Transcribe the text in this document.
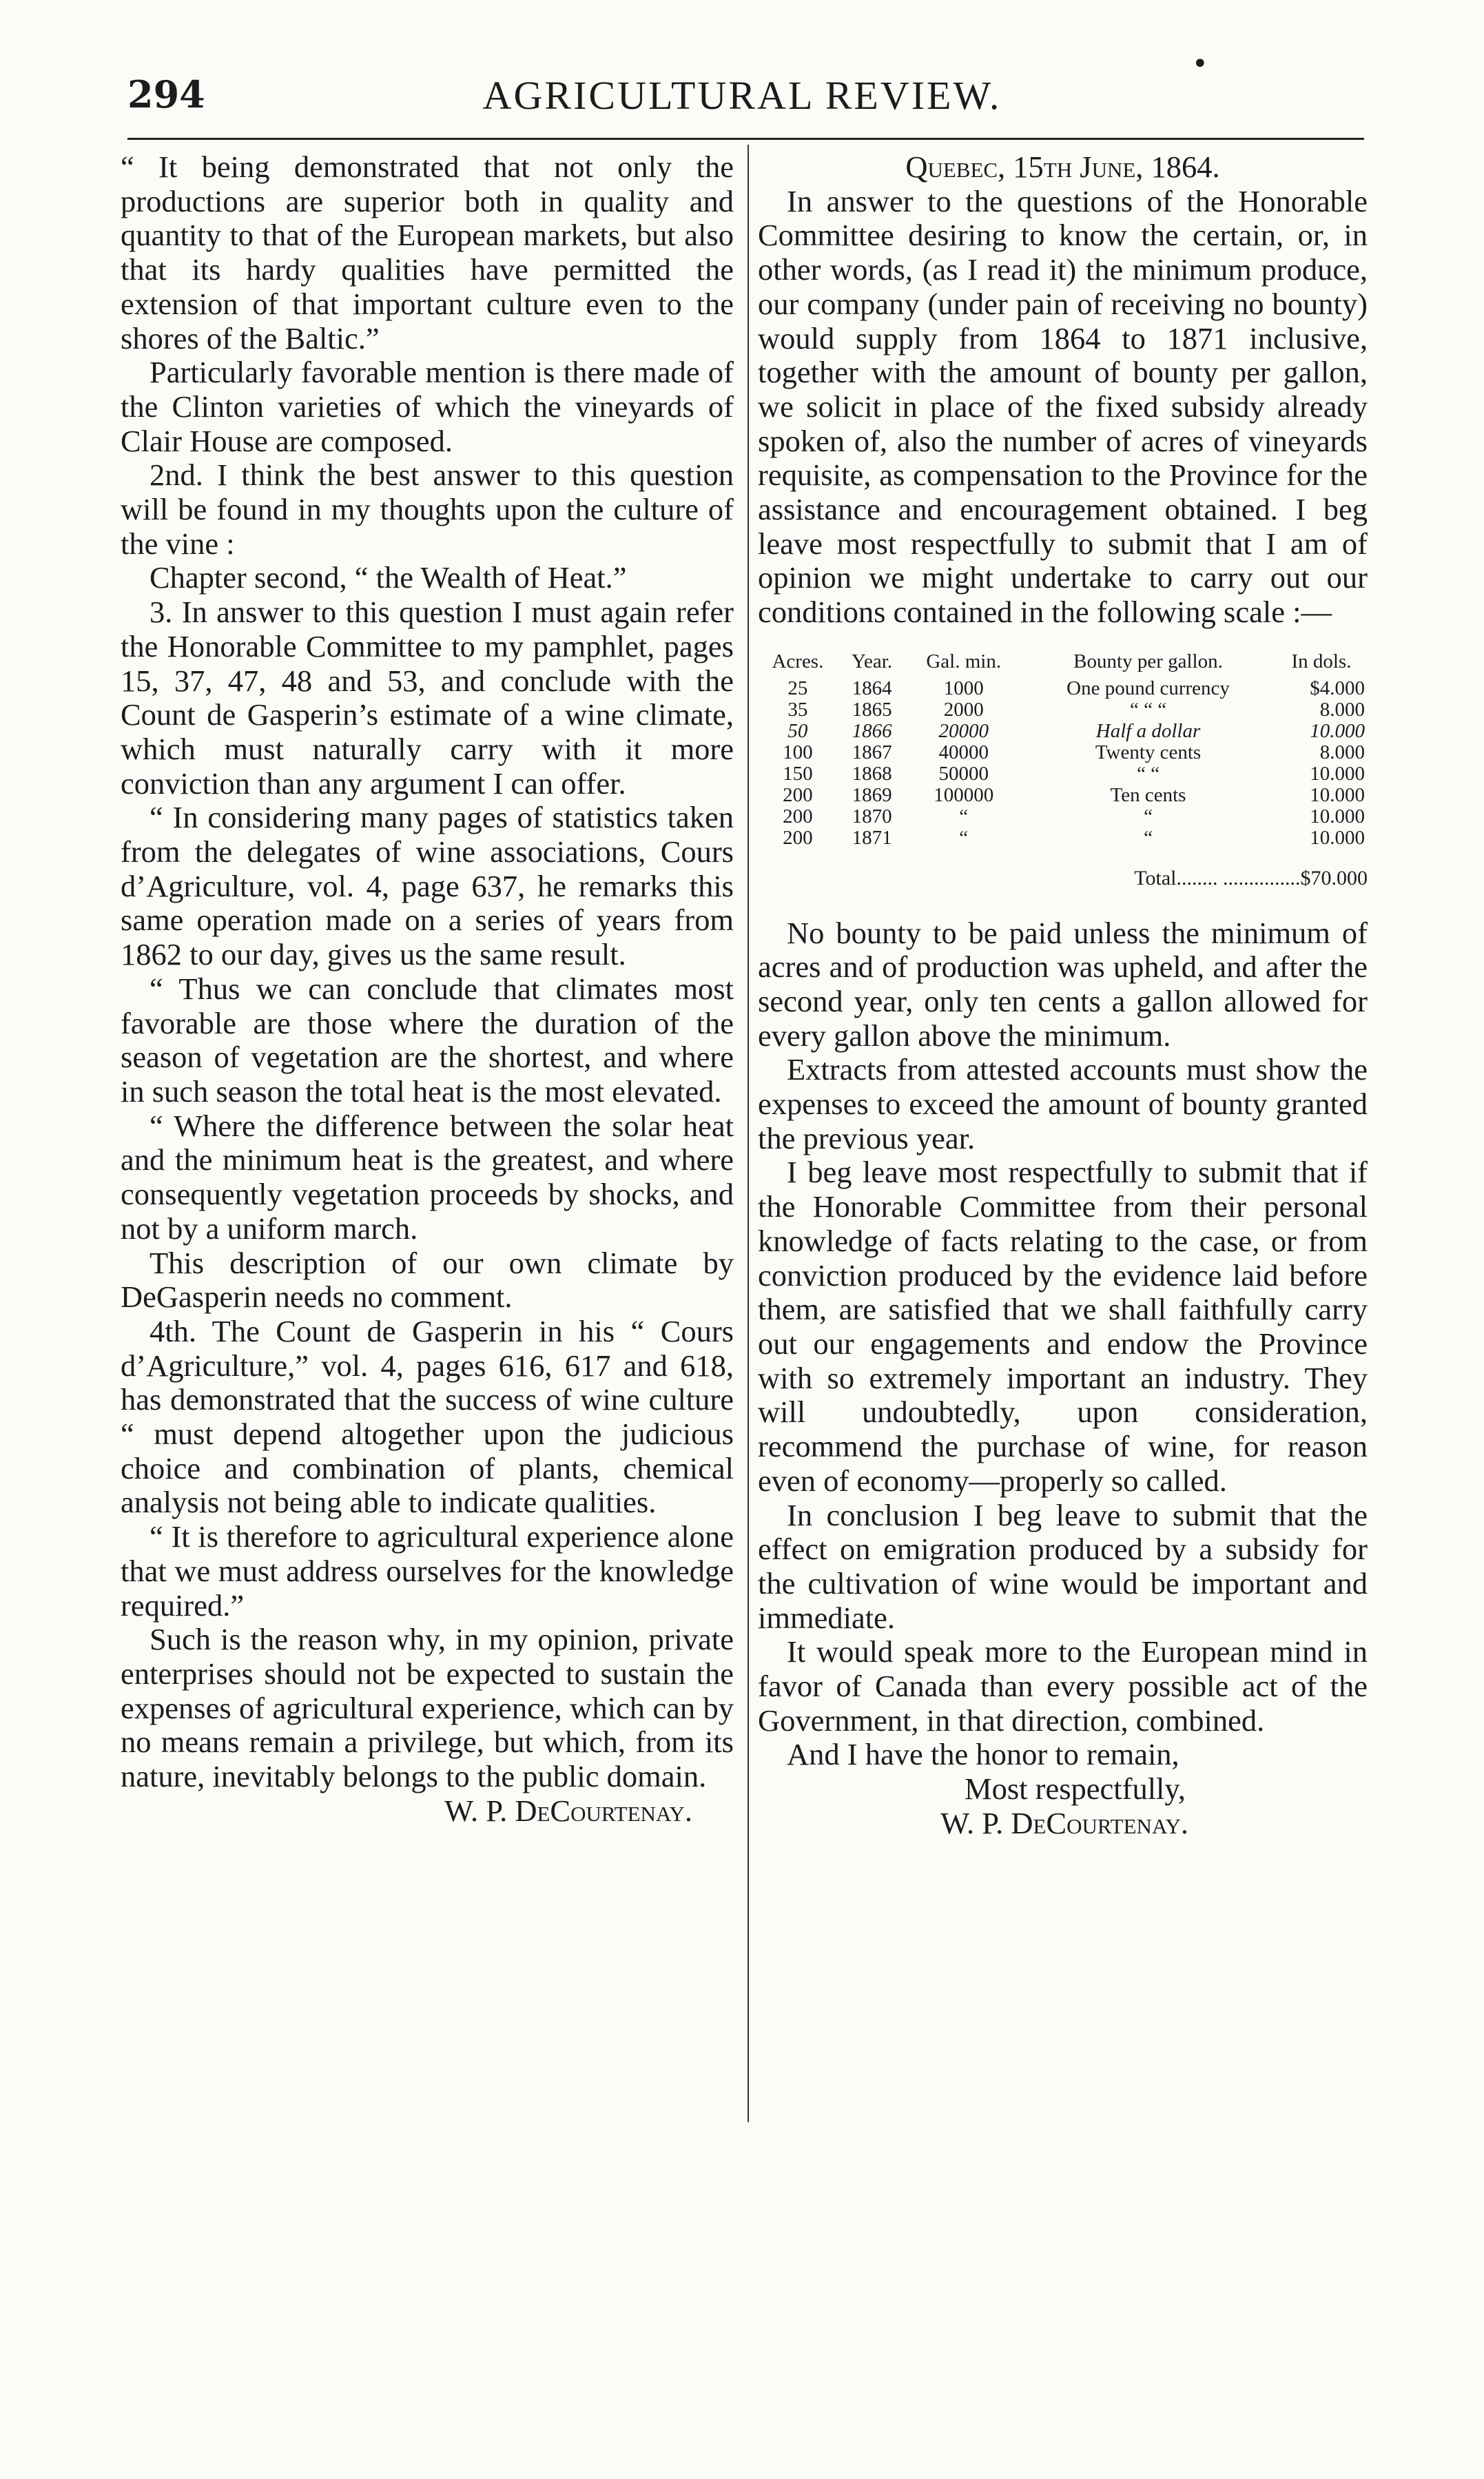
294	AGRICULTURAL REVIEW.

“ It being demonstrated that not only the productions are superior both in quality and quantity to that of the European markets, but also that its hardy qualities have permitted the extension of that important culture even to the shores of the Baltic.”

Particularly favorable mention is there made of the Clinton varieties of which the vineyards of Clair House are composed.

2nd. I think the best answer to this question will be found in my thoughts upon the culture of the vine :

Chapter second, “ the Wealth of Heat.”

3. In answer to this question I must again refer the Honorable Committee to my pamphlet, pages 15, 37, 47, 48 and 53, and conclude with the Count de Gasperin’s estimate of a wine climate, which must naturally carry with it more conviction than any argument I can offer.

“ In considering many pages of statistics taken from the delegates of wine associations, Cours d’Agriculture, vol. 4, page 637, he remarks this same operation made on a series of years from 1862 to our day, gives us the same result.

“ Thus we can conclude that climates most favorable are those where the duration of the season of vegetation are the shortest, and where in such season the total heat is the most elevated.

“ Where the difference between the solar heat and the minimum heat is the greatest, and where consequently vegetation proceeds by shocks, and not by a uniform march.

This description of our own climate by DeGasperin needs no comment.

4th. The Count de Gasperin in his “ Cours d’Agriculture,” vol. 4, pages 616, 617 and 618, has demonstrated that the success of wine culture “ must depend altogether upon the judicious choice and combination of plants, chemical analysis not being able to indicate qualities.

“ It is therefore to agricultural experience alone that we must address ourselves for the knowledge required.”

Such is the reason why, in my opinion, private enterprises should not be expected to sustain the expenses of agricultural experience, which can by no means remain a privilege, but which, from its nature, inevitably belongs to the public domain.

W. P. DeCourtenay.
Quebec, 15th June, 1864.

In answer to the questions of the Honorable Committee desiring to know the certain, or, in other words, (as I read it) the minimum produce, our company (under pain of receiving no bounty) would supply from 1864 to 1871 inclusive, together with the amount of bounty per gallon, we solicit in place of the fixed subsidy already spoken of, also the number of acres of vineyards requisite, as compensation to the Province for the assistance and encouragement obtained. I beg leave most respectfully to submit that I am of opinion we might undertake to carry out our conditions contained in the following scale :—

Acres.	Year.	Gal. min.	Bounty per gallon.	In dols.
25	1864	1000	One pound currency	$4.000
35	1865	2000	“ “ “	8.000
50	1866	20000	Half a dollar	10.000
100	1867	40000	Twenty cents	8.000
150	1868	50000	“ “	10.000
200	1869	100000	Ten cents	10.000
200	1870	“	“	10.000
200	1871	“	“	10.000
Total........ ...............$70.000

No bounty to be paid unless the minimum of acres and of production was upheld, and after the second year, only ten cents a gallon allowed for every gallon above the minimum.

Extracts from attested accounts must show the expenses to exceed the amount of bounty granted the previous year.

I beg leave most respectfully to submit that if the Honorable Committee from their personal knowledge of facts relating to the case, or from conviction produced by the evidence laid before them, are satisfied that we shall faithfully carry out our engagements and endow the Province with so extremely important an industry. They will undoubtedly, upon consideration, recommend the purchase of wine, for reason even of economy—properly so called.

In conclusion I beg leave to submit that the effect on emigration produced by a subsidy for the cultivation of wine would be important and immediate.

It would speak more to the European mind in favor of Canada than every possible act of the Government, in that direction, combined.

And I have the honor to remain,

Most respectfully,
W. P. DeCourtenay.
•
